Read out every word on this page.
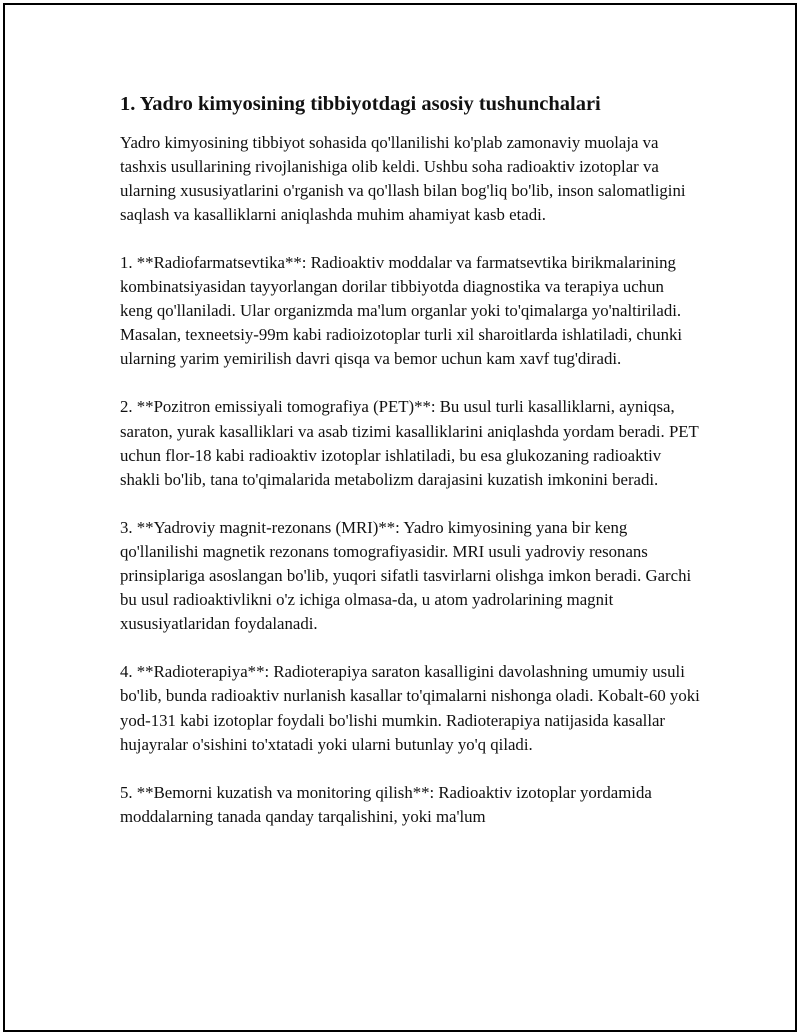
1. Yadro kimyosining tibbiyotdagi asosiy tushunchalari

Yadro kimyosining tibbiyot sohasida qo'llanilishi ko'plab zamonaviy muolaja va tashxis usullarining rivojlanishiga olib keldi. Ushbu soha radioaktiv izotoplar va ularning xususiyatlarini o'rganish va qo'llash bilan bog'liq bo'lib, inson salomatligini saqlash va kasalliklarni aniqlashda muhim ahamiyat kasb etadi.

1. **Radiofarmatsevtika**: Radioaktiv moddalar va farmatsevtika birikmalarining kombinatsiyasidan tayyorlangan dorilar tibbiyotda diagnostika va terapiya uchun keng qo'llaniladi. Ular organizmda ma'lum organlar yoki to'qimalarga yo'naltiriladi. Masalan, texneetsiy-99m kabi radioizotoplar turli xil sharoitlarda ishlatiladi, chunki ularning yarim yemirilish davri qisqa va bemor uchun kam xavf tug'diradi.

2. **Pozitron emissiyali tomografiya (PET)**: Bu usul turli kasalliklarni, ayniqsa, saraton, yurak kasalliklari va asab tizimi kasalliklarini aniqlashda yordam beradi. PET uchun flor-18 kabi radioaktiv izotoplar ishlatiladi, bu esa glukozaning radioaktiv shakli bo'lib, tana to'qimalarida metabolizm darajasini kuzatish imkonini beradi.

3. **Yadroviy magnit-rezonans (MRI)**: Yadro kimyosining yana bir keng qo'llanilishi magnetik rezonans tomografiyasidir. MRI usuli yadroviy resonans prinsiplariga asoslangan bo'lib, yuqori sifatli tasvirlarni olishga imkon beradi. Garchi bu usul radioaktivlikni o'z ichiga olmasa-da, u atom yadrolarining magnit xususiyatlaridan foydalanadi.

4. **Radioterapiya**: Radioterapiya saraton kasalligini davolashning umumiy usuli bo'lib, bunda radioaktiv nurlanish kasallar to'qimalarni nishonga oladi. Kobalt-60 yoki yod-131 kabi izotoplar foydali bo'lishi mumkin. Radioterapiya natijasida kasallar hujayralar o'sishini to'xtatadi yoki ularni butunlay yo'q qiladi.

5. **Bemorni kuzatish va monitoring qilish**: Radioaktiv izotoplar yordamida moddalarning tanada qanday tarqalishini, yoki ma'lum
